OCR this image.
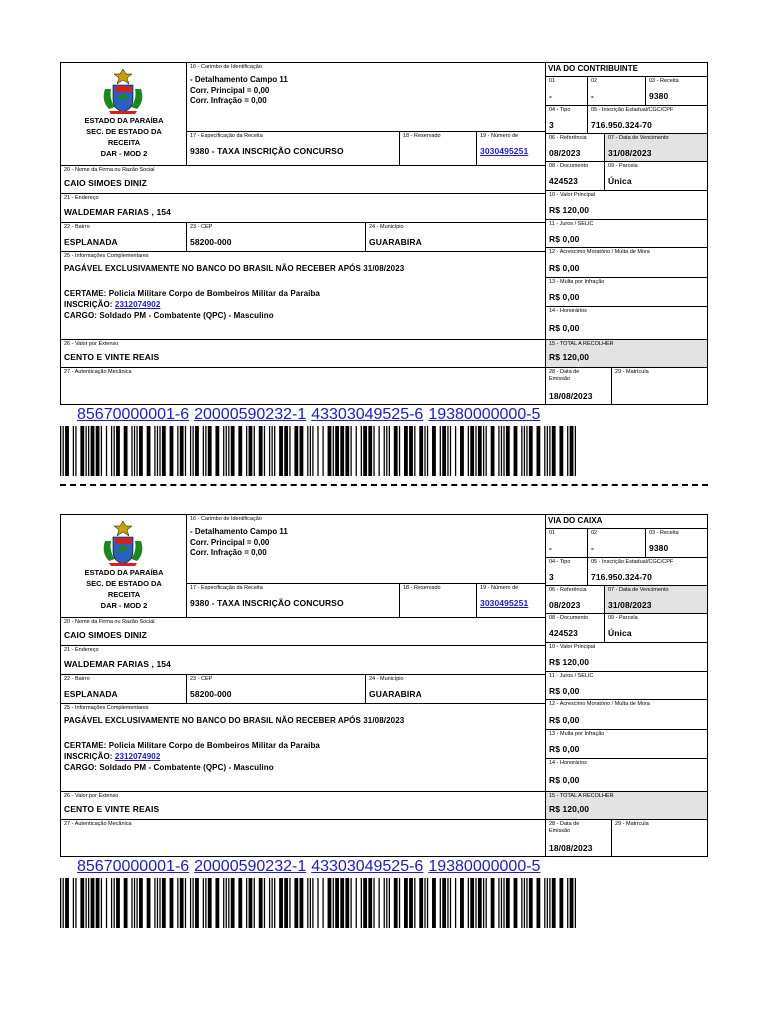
ESTADO DA PARAÍBA
SEC. DE ESTADO DA
RECEITA
DAR - MOD 2
16 - Carimbo de Identificação
- Detalhamento Campo 11
Corr. Principal = 0,00
Corr. Infração = 0,00
17 - Especificação da Receita
9380 - TAXA INSCRIÇÃO CONCURSO
18 - Reservado	19 - Número de
3030495251
20 - Nome da Firma ou Razão Social
CAIO SIMOES DINIZ
21 - Endereço
WALDEMAR FARIAS , 154
22 - Bairro
ESPLANADA
23 - CEP
58200-000
24 - Município
GUARABIRA
25 - Informações Complementares
PAGÁVEL EXCLUSIVAMENTE NO BANCO DO BRASIL NÃO RECEBER APÓS 31/08/2023
CERTAME: Policia Militare Corpo de Bombeiros Militar da Paraiba
INSCRIÇÃO: 2312074902
CARGO: Soldado PM - Combatente (QPC) - Masculino
26 - Valor por Extenso
CENTO E VINTE REAIS
27 - Autenticação Mecânica
VIA DO CONTRIBUINTE
01
-
02
-
03 - Receita
9380
04 - Tipo
3
05 - Inscrição Estadual/CGC/CPF
716.950.324-70
06 - Referência
08/2023
07 - Data de Vencimento
31/08/2023
08 - Documento
424523
09 - Parcela
Única
10 - Valor Principal
R$ 120,00
11 - Juros / SELIC
R$ 0,00
12 - Acrescimo Moratório / Multa de Mora
R$ 0,00
13 - Multa por Infração
R$ 0,00
14 - Honorários
R$ 0,00
15 - TOTAL A RECOLHER
R$ 120,00
28 - Data de
Emissão
18/08/2023
29 - Matrícula
85670000001-6 20000590232-1 43303049525-6 19380000000-5
ESTADO DA PARAÍBA
SEC. DE ESTADO DA
RECEITA
DAR - MOD 2
16 - Carimbo de Identificação
- Detalhamento Campo 11
Corr. Principal = 0,00
Corr. Infração = 0,00
17 - Especificação da Receita
9380 - TAXA INSCRIÇÃO CONCURSO
18 - Reservado	19 - Número de
3030495251
20 - Nome da Firma ou Razão Social
CAIO SIMOES DINIZ
21 - Endereço
WALDEMAR FARIAS , 154
22 - Bairro
ESPLANADA
23 - CEP
58200-000
24 - Município
GUARABIRA
25 - Informações Complementares
PAGÁVEL EXCLUSIVAMENTE NO BANCO DO BRASIL NÃO RECEBER APÓS 31/08/2023
CERTAME: Policia Militare Corpo de Bombeiros Militar da Paraiba
INSCRIÇÃO: 2312074902
CARGO: Soldado PM - Combatente (QPC) - Masculino
26 - Valor por Extenso
CENTO E VINTE REAIS
27 - Autenticação Mecânica
VIA DO CAIXA
01
-
02
-
03 - Receita
9380
04 - Tipo
3
05 - Inscrição Estadual/CGC/CPF
716.950.324-70
06 - Referência
08/2023
07 - Data de Vencimento
31/08/2023
08 - Documento
424523
09 - Parcela
Única
10 - Valor Principal
R$ 120,00
11 - Juros / SELIC
R$ 0,00
12 - Acrescimo Moratório / Multa de Mora
R$ 0,00
13 - Multa por Infração
R$ 0,00
14 - Honorários
R$ 0,00
15 - TOTAL A RECOLHER
R$ 120,00
28 - Data de
Emissão
18/08/2023
29 - Matrícula
85670000001-6 20000590232-1 43303049525-6 19380000000-5
